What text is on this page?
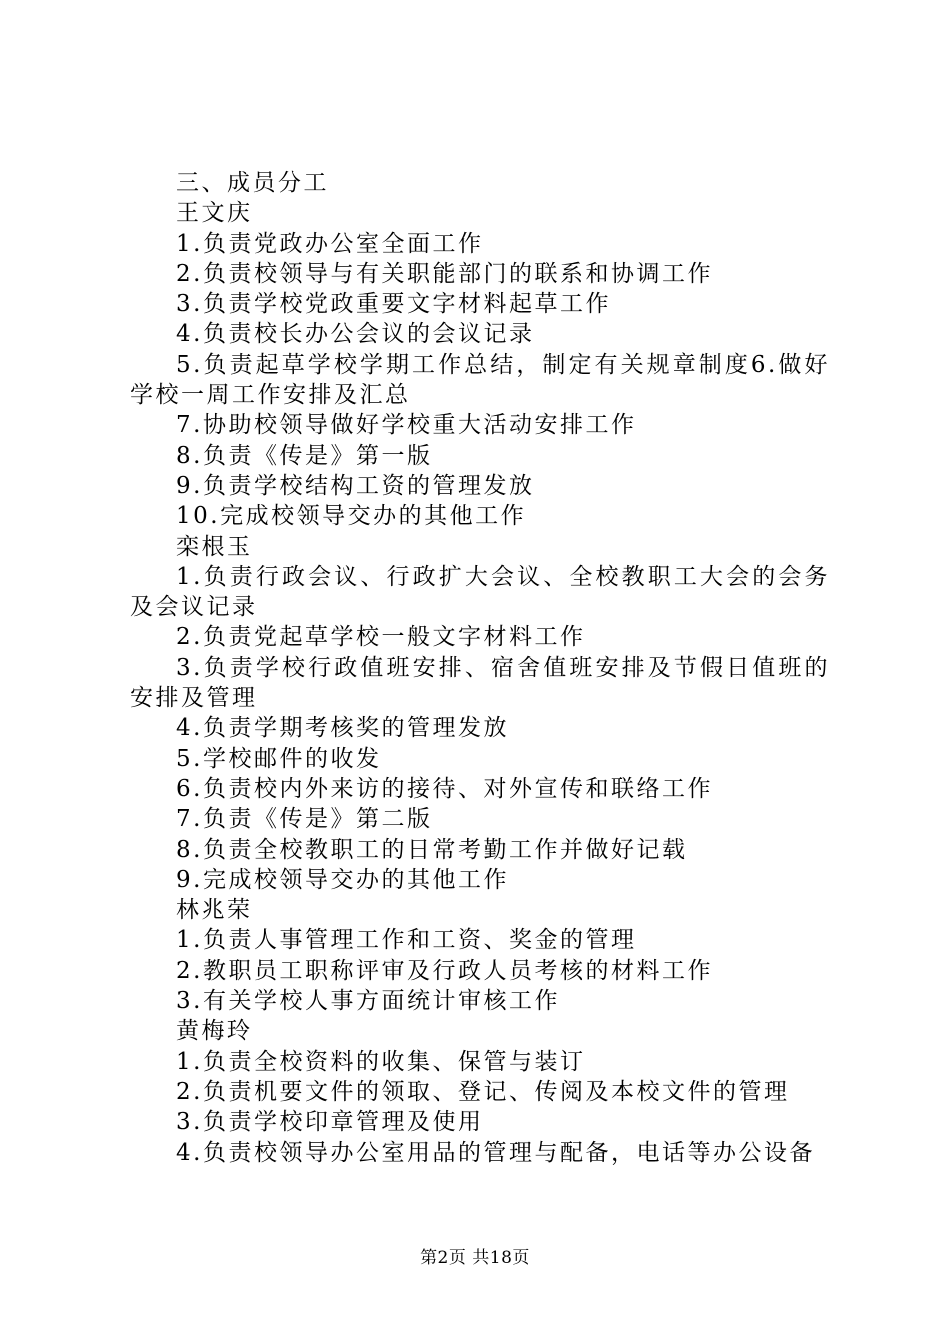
三、成员分工
王文庆
1.负责党政办公室全面工作
2.负责校领导与有关职能部门的联系和协调工作
3.负责学校党政重要文字材料起草工作
4.负责校长办公会议的会议记录
5.负责起草学校学期工作总结，制定有关规章制度6.做好学校一周工作安排及汇总
7.协助校领导做好学校重大活动安排工作
8.负责《传是》第一版
9.负责学校结构工资的管理发放
10.完成校领导交办的其他工作
栾根玉
1.负责行政会议、行政扩大会议、全校教职工大会的会务及会议记录
2.负责党起草学校一般文字材料工作
3.负责学校行政值班安排、宿舍值班安排及节假日值班的安排及管理
4.负责学期考核奖的管理发放
5.学校邮件的收发
6.负责校内外来访的接待、对外宣传和联络工作
7.负责《传是》第二版
8.负责全校教职工的日常考勤工作并做好记载
9.完成校领导交办的其他工作
林兆荣
1.负责人事管理工作和工资、奖金的管理
2.教职员工职称评审及行政人员考核的材料工作
3.有关学校人事方面统计审核工作
黄梅玲
1.负责全校资料的收集、保管与装订
2.负责机要文件的领取、登记、传阅及本校文件的管理
3.负责学校印章管理及使用
4.负责校领导办公室用品的管理与配备，电话等办公设备
第2页 共18页
